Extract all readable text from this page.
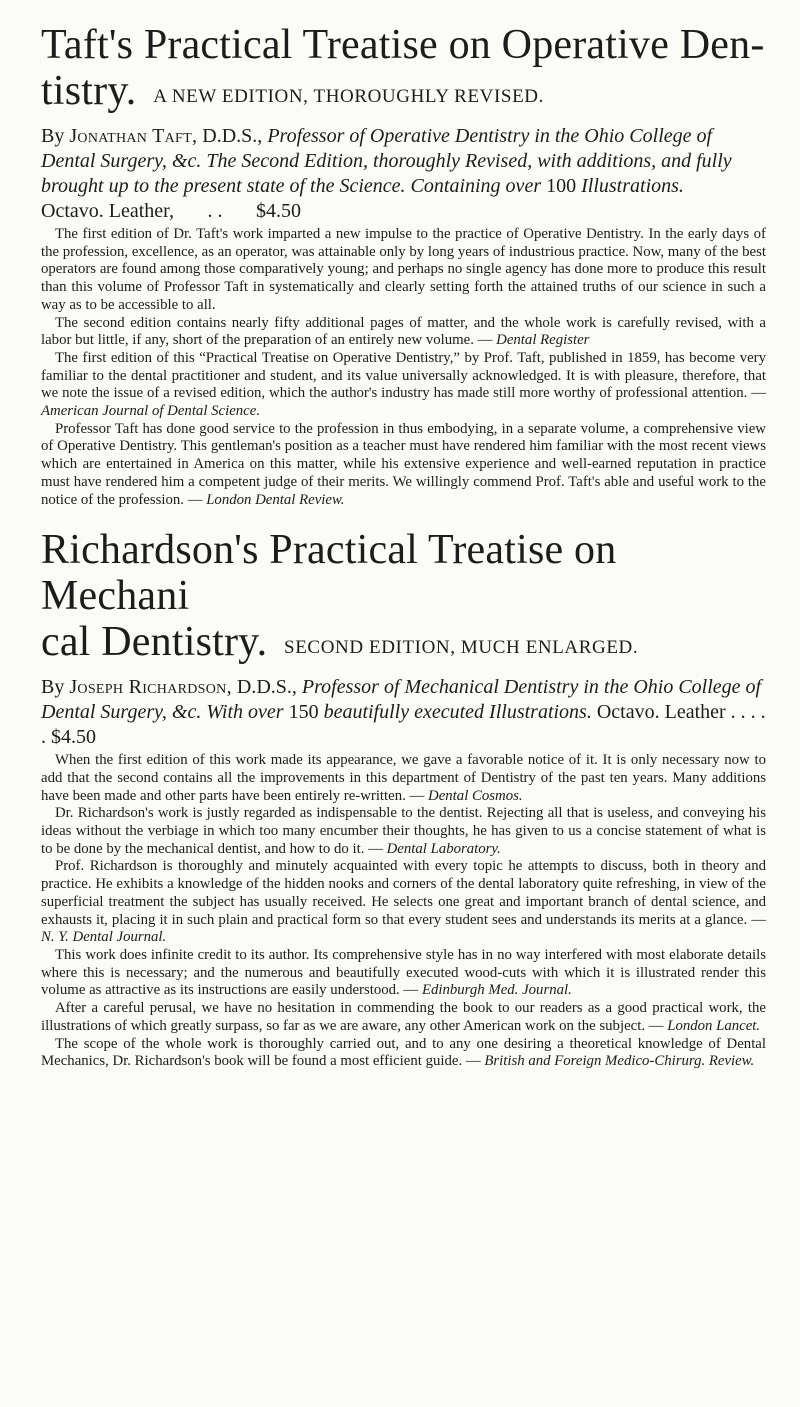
Taft's Practical Treatise on Operative Den-
tistry. A NEW EDITION, THOROUGHLY REVISED.
By Jonathan Taft, D.D.S., Professor of Operative Dentistry in the Ohio College of Dental Surgery, &c. The Second Edition, thoroughly Revised, with additions, and fully brought up to the present state of the Science. Containing over 100 Illustrations.
Octavo. Leather, . . $4.50

The first edition of Dr. Taft's work imparted a new impulse to the practice of Operative Dentistry. In the early days of the profession, excellence, as an operator, was attainable only by long years of industrious practice. Now, many of the best operators are found among those comparatively young; and perhaps no single agency has done more to produce this result than this volume of Professor Taft in systematically and clearly setting forth the attained truths of our science in such a way as to be accessible to all.

The second edition contains nearly fifty additional pages of matter, and the whole work is carefully revised, with a labor but little, if any, short of the preparation of an entirely new volume. — Dental Register

The first edition of this “Practical Treatise on Operative Dentistry,” by Prof. Taft, published in 1859, has become very familiar to the dental practitioner and student, and its value universally acknowledged. It is with pleasure, therefore, that we note the issue of a revised edition, which the author's industry has made still more worthy of professional attention. — American Journal of Dental Science.

Professor Taft has done good service to the profession in thus embodying, in a separate volume, a comprehensive view of Operative Dentistry. This gentleman's position as a teacher must have rendered him familiar with the most recent views which are entertained in America on this matter, while his extensive experience and well-earned reputation in practice must have rendered him a competent judge of their merits. We willingly commend Prof. Taft's able and useful work to the notice of the profession. — London Dental Review.

Richardson's Practical Treatise on Mechani
cal Dentistry. SECOND EDITION, MUCH ENLARGED.
By Joseph Richardson, D.D.S., Professor of Mechanical Dentistry in the Ohio College of Dental Surgery, &c. With over 150 beautifully executed Illustrations. Octavo. Leather . . . . . $4.50

When the first edition of this work made its appearance, we gave a favorable notice of it. It is only necessary now to add that the second contains all the improvements in this department of Dentistry of the past ten years. Many additions have been made and other parts have been entirely re-written. — Dental Cosmos.

Dr. Richardson's work is justly regarded as indispensable to the dentist. Rejecting all that is useless, and conveying his ideas without the verbiage in which too many encumber their thoughts, he has given to us a concise statement of what is to be done by the mechanical dentist, and how to do it. — Dental Laboratory.

Prof. Richardson is thoroughly and minutely acquainted with every topic he attempts to discuss, both in theory and practice. He exhibits a knowledge of the hidden nooks and corners of the dental laboratory quite refreshing, in view of the superficial treatment the subject has usually received. He selects one great and important branch of dental science, and exhausts it, placing it in such plain and practical form so that every student sees and understands its merits at a glance. — N. Y. Dental Journal.

This work does infinite credit to its author. Its comprehensive style has in no way interfered with most elaborate details where this is necessary; and the numerous and beautifully executed wood-cuts with which it is illustrated render this volume as attractive as its instructions are easily understood. — Edinburgh Med. Journal.

After a careful perusal, we have no hesitation in commending the book to our readers as a good practical work, the illustrations of which greatly surpass, so far as we are aware, any other American work on the subject. — London Lancet.

The scope of the whole work is thoroughly carried out, and to any one desiring a theoretical knowledge of Dental Mechanics, Dr. Richardson's book will be found a most efficient guide. — British and Foreign Medico-Chirurg. Review.
